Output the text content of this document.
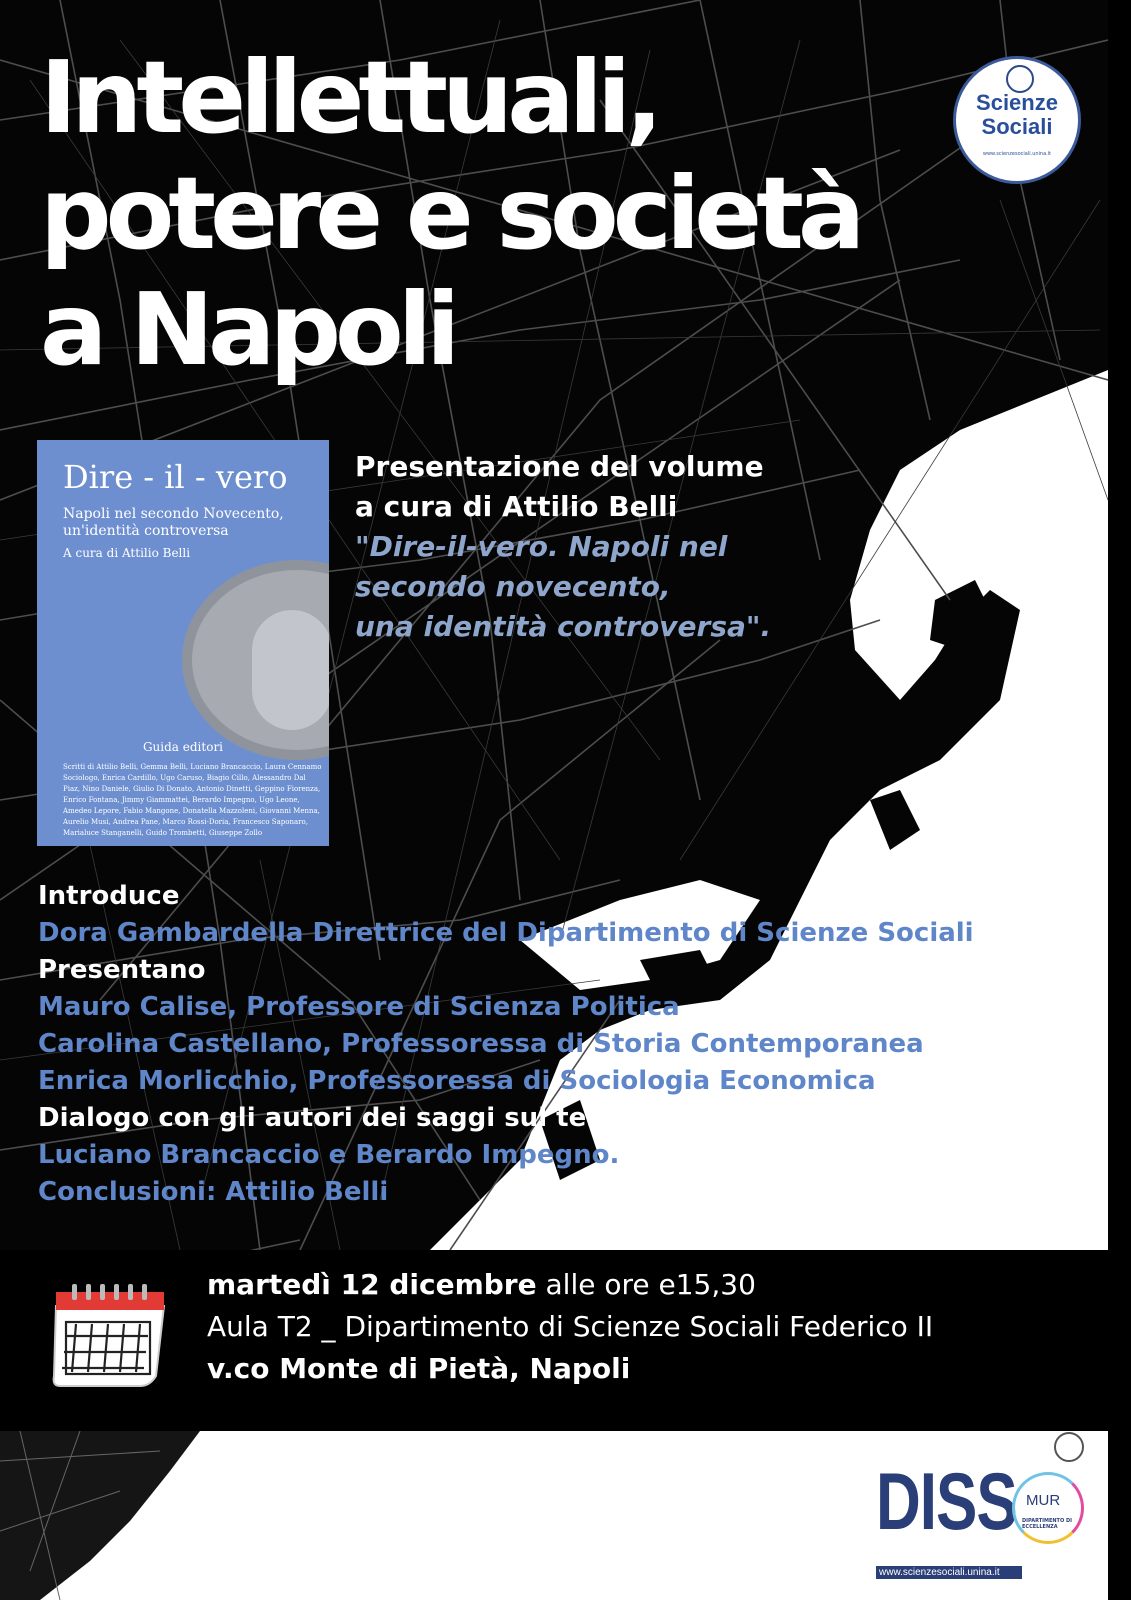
Intellettuali,
potere e società
a Napoli
Scienze
Sociali
www.scienzesociali.unina.it
Dire - il - vero
Napoli nel secondo Novecento, un'identità controversa
A cura di Attilio Belli
Guida editori
Scritti di Attilio Belli, Gemma Belli, Luciano Brancaccio, Laura Cennamo Sociologo, Enrica Cardillo, Ugo Caruso, Biagio Cillo, Alessandro Dal Piaz, Nino Daniele, Giulio Di Donato, Antonio Dinetti, Geppino Fiorenza, Enrico Fontana, Jimmy Giammattei, Berardo Impegno, Ugo Leone, Amedeo Lepore, Fabio Mangone, Donatella Mazzoleni, Giovanni Menna, Aurelio Musi, Andrea Pane, Marco Rossi-Doria, Francesco Saponaro, Marialuce Stanganelli, Guido Trombetti, Giuseppe Zollo
Presentazione del volume
a cura di Attilio Belli
"Dire-il-vero. Napoli nel
secondo novecento,
una identità controversa".
Introduce
Dora Gambardella Direttrice del Dipartimento di Scienze Sociali
Presentano
Mauro Calise, Professore di Scienza Politica
Carolina Castellano, Professoressa di Storia Contemporanea
Enrica Morlicchio, Professoressa di Sociologia Economica
Dialogo con gli autori dei saggi sul tema
Luciano Brancaccio e Berardo Impegno.
Conclusioni: Attilio Belli
martedì 12 dicembre alle ore e15,30
Aula T2 _ Dipartimento di Scienze Sociali Federico II
v.co Monte di Pietà, Napoli
DISS MUR
DIPARTIMENTO DI ECCELLENZA
www.scienzesociali.unina.it
